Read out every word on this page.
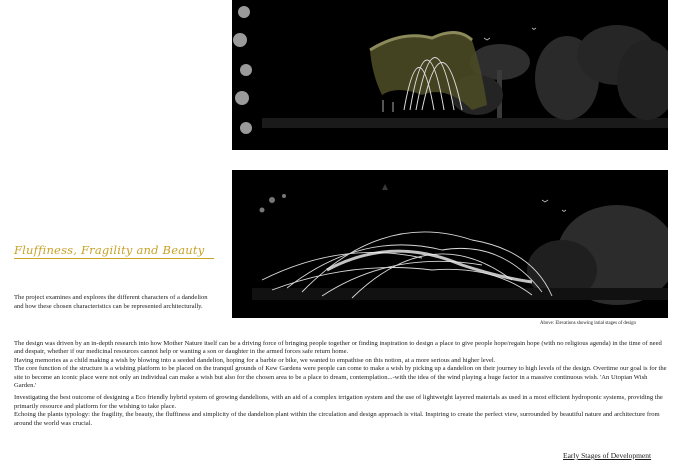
Fluffiness, Fragility and Beauty
The project examines and explores the different characters of a dandelion and how these chosen characteristics can be represented architecturally.
Above: Elevations showing intial stages of design

The design was driven by an in-depth research into how Mother Nature itself can be a driving force of bringing people together or finding inspiration to design a place to give people hope/regain hope (with no religious agenda) in the time of need and despair, whether if our medicinal resources cannot help or wanting a son or daughter in the armed forces safe return home.

Having memories as a child making a wish by blowing into a seeded dandelion, hoping for a barbie or bike, we wanted to empathise on this notion, at a more serious and higher level.

The core function of the structure is a wishing platform to be placed on the tranquil grounds of Kew Gardens were people can come to make a wish by picking up a dandelion on their journey to high levels of the design. Overtime our goal is for the site to become an iconic place were not only an individual can make a wish but also for the chosen area to be a place to dream, contemplation...-with the idea of the wind playing a huge factor in a massive continuous wish. 'An Utopian Wish Garden.'

Investigating the best outcome of designing a Eco friendly hybrid system of growing dandelions, with an aid of a complex irrigation system and the use of lightweight layered materials as used in a most efficient hydroponic systems, providing the primarily resource and platform for the wishing to take place.

Echoing the plants typology: the fragility, the beauty, the fluffiness and simplicity of the dandelion plant within the circulation and design approach is vital. Inspiring to create the perfect view, surrounded by beautiful nature and architecture from around the world was crucial.

Early Stages of Development
